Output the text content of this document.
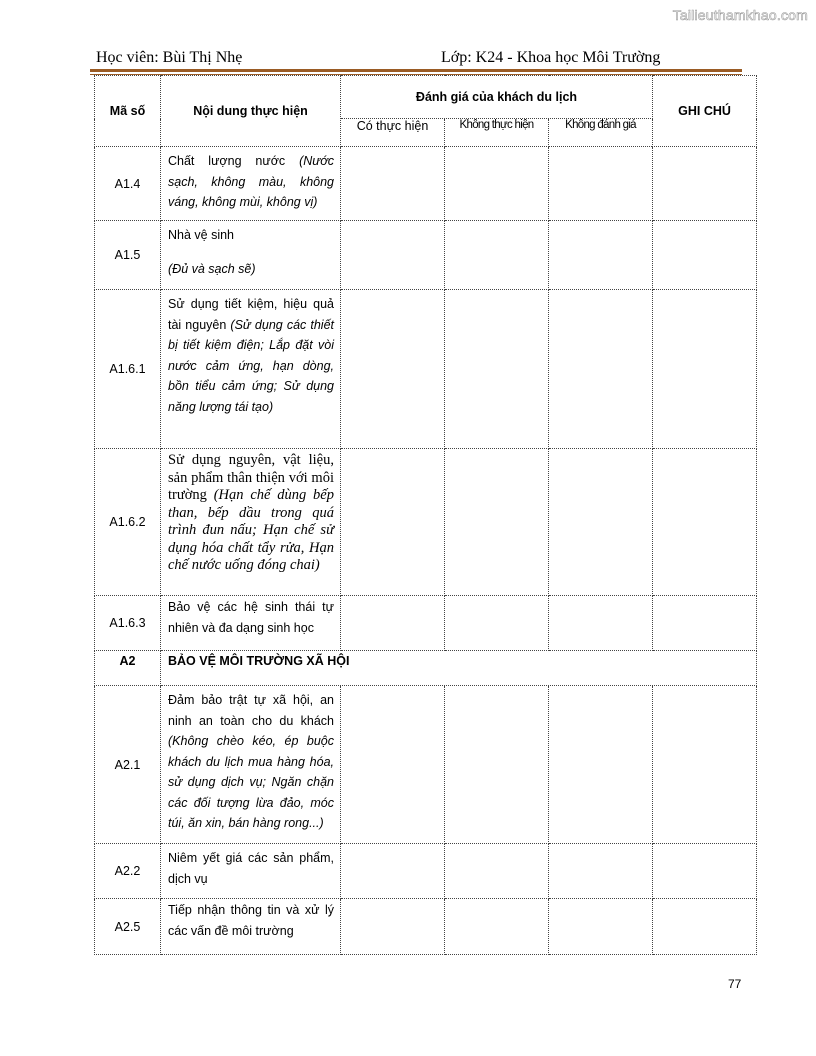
Tailieuthamkhao.com
Học viên: Bùi Thị Nhẹ	Lớp: K24 - Khoa học Môi Trường
Mã số	Nội dung thực hiện	Đánh giá của khách du lịch			GHI CHÚ
		Có thực hiện	Không thực hiện	Không đánh giá	
A1.4	Chất lượng nước (Nước sạch, không màu, không váng, không mùi, không vị)				
A1.5	Nhà vệ sinh
(Đủ và sạch sẽ)				

A1.6.1	Sử dụng tiết kiệm, hiệu quả tài nguyên (Sử dụng các thiết bị tiết kiệm điện; Lắp đặt vòi nước cảm ứng, hạn dòng, bồn tiểu cảm ứng; Sử dụng năng lượng tái tạo)				
A1.6.2	Sử dụng nguyên, vật liệu, sản phẩm thân thiện với môi trường (Hạn chế dùng bếp than, bếp dầu trong quá trình đun nấu; Hạn chế sử dụng hóa chất tẩy rửa, Hạn chế nước uống đóng chai)				
A1.6.3	Bảo vệ các hệ sinh thái tự nhiên và đa dạng sinh học				
A2	BẢO VỆ MÔI TRƯỜNG XÃ HỘI				
A2.1	Đảm bảo trật tự xã hội, an ninh an toàn cho du khách (Không chèo kéo, ép buộc khách du lịch mua hàng hóa, sử dụng dịch vụ; Ngăn chặn các đối tượng lừa đảo, móc túi, ăn xin, bán hàng rong...)				
A2.2	Niêm yết giá các sản phẩm, dịch vụ				
A2.5	Tiếp nhận thông tin và xử lý các vấn đề môi trường				
77
